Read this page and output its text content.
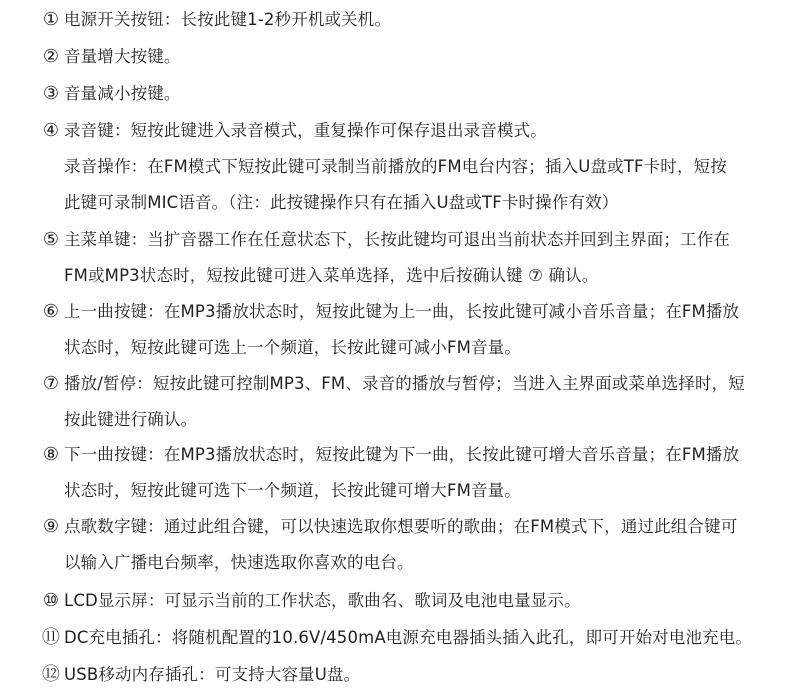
① 电源开关按钮：长按此键1-2秒开机或关机。
② 音量增大按键。
③ 音量减小按键。
④ 录音键：短按此键进入录音模式，重复操作可保存退出录音模式。
录音操作：在FM模式下短按此键可录制当前播放的FM电台内容；插入U盘或TF卡时，短按
此键可录制MIC语音。（注：此按键操作只有在插入U盘或TF卡时操作有效）
⑤ 主菜单键：当扩音器工作在任意状态下，长按此键均可退出当前状态并回到主界面；工作在
FM或MP3状态时，短按此键可进入菜单选择，选中后按确认键 ⑦ 确认。
⑥ 上一曲按键：在MP3播放状态时，短按此键为上一曲，长按此键可减小音乐音量；在FM播放
状态时，短按此键可选上一个频道，长按此键可减小FM音量。
⑦ 播放/暂停：短按此键可控制MP3、FM、录音的播放与暂停；当进入主界面或菜单选择时，短
按此键进行确认。
⑧ 下一曲按键：在MP3播放状态时，短按此键为下一曲，长按此键可增大音乐音量；在FM播放
状态时，短按此键可选下一个频道，长按此键可增大FM音量。
⑨ 点歌数字键：通过此组合键，可以快速选取你想要听的歌曲；在FM模式下，通过此组合键可
以输入广播电台频率，快速选取你喜欢的电台。
⑩ LCD显示屏：可显示当前的工作状态，歌曲名、歌词及电池电量显示。
⑪ DC充电插孔：将随机配置的10.6V/450mA电源充电器插头插入此孔，即可开始对电池充电。
⑫ USB移动内存插孔：可支持大容量U盘。
